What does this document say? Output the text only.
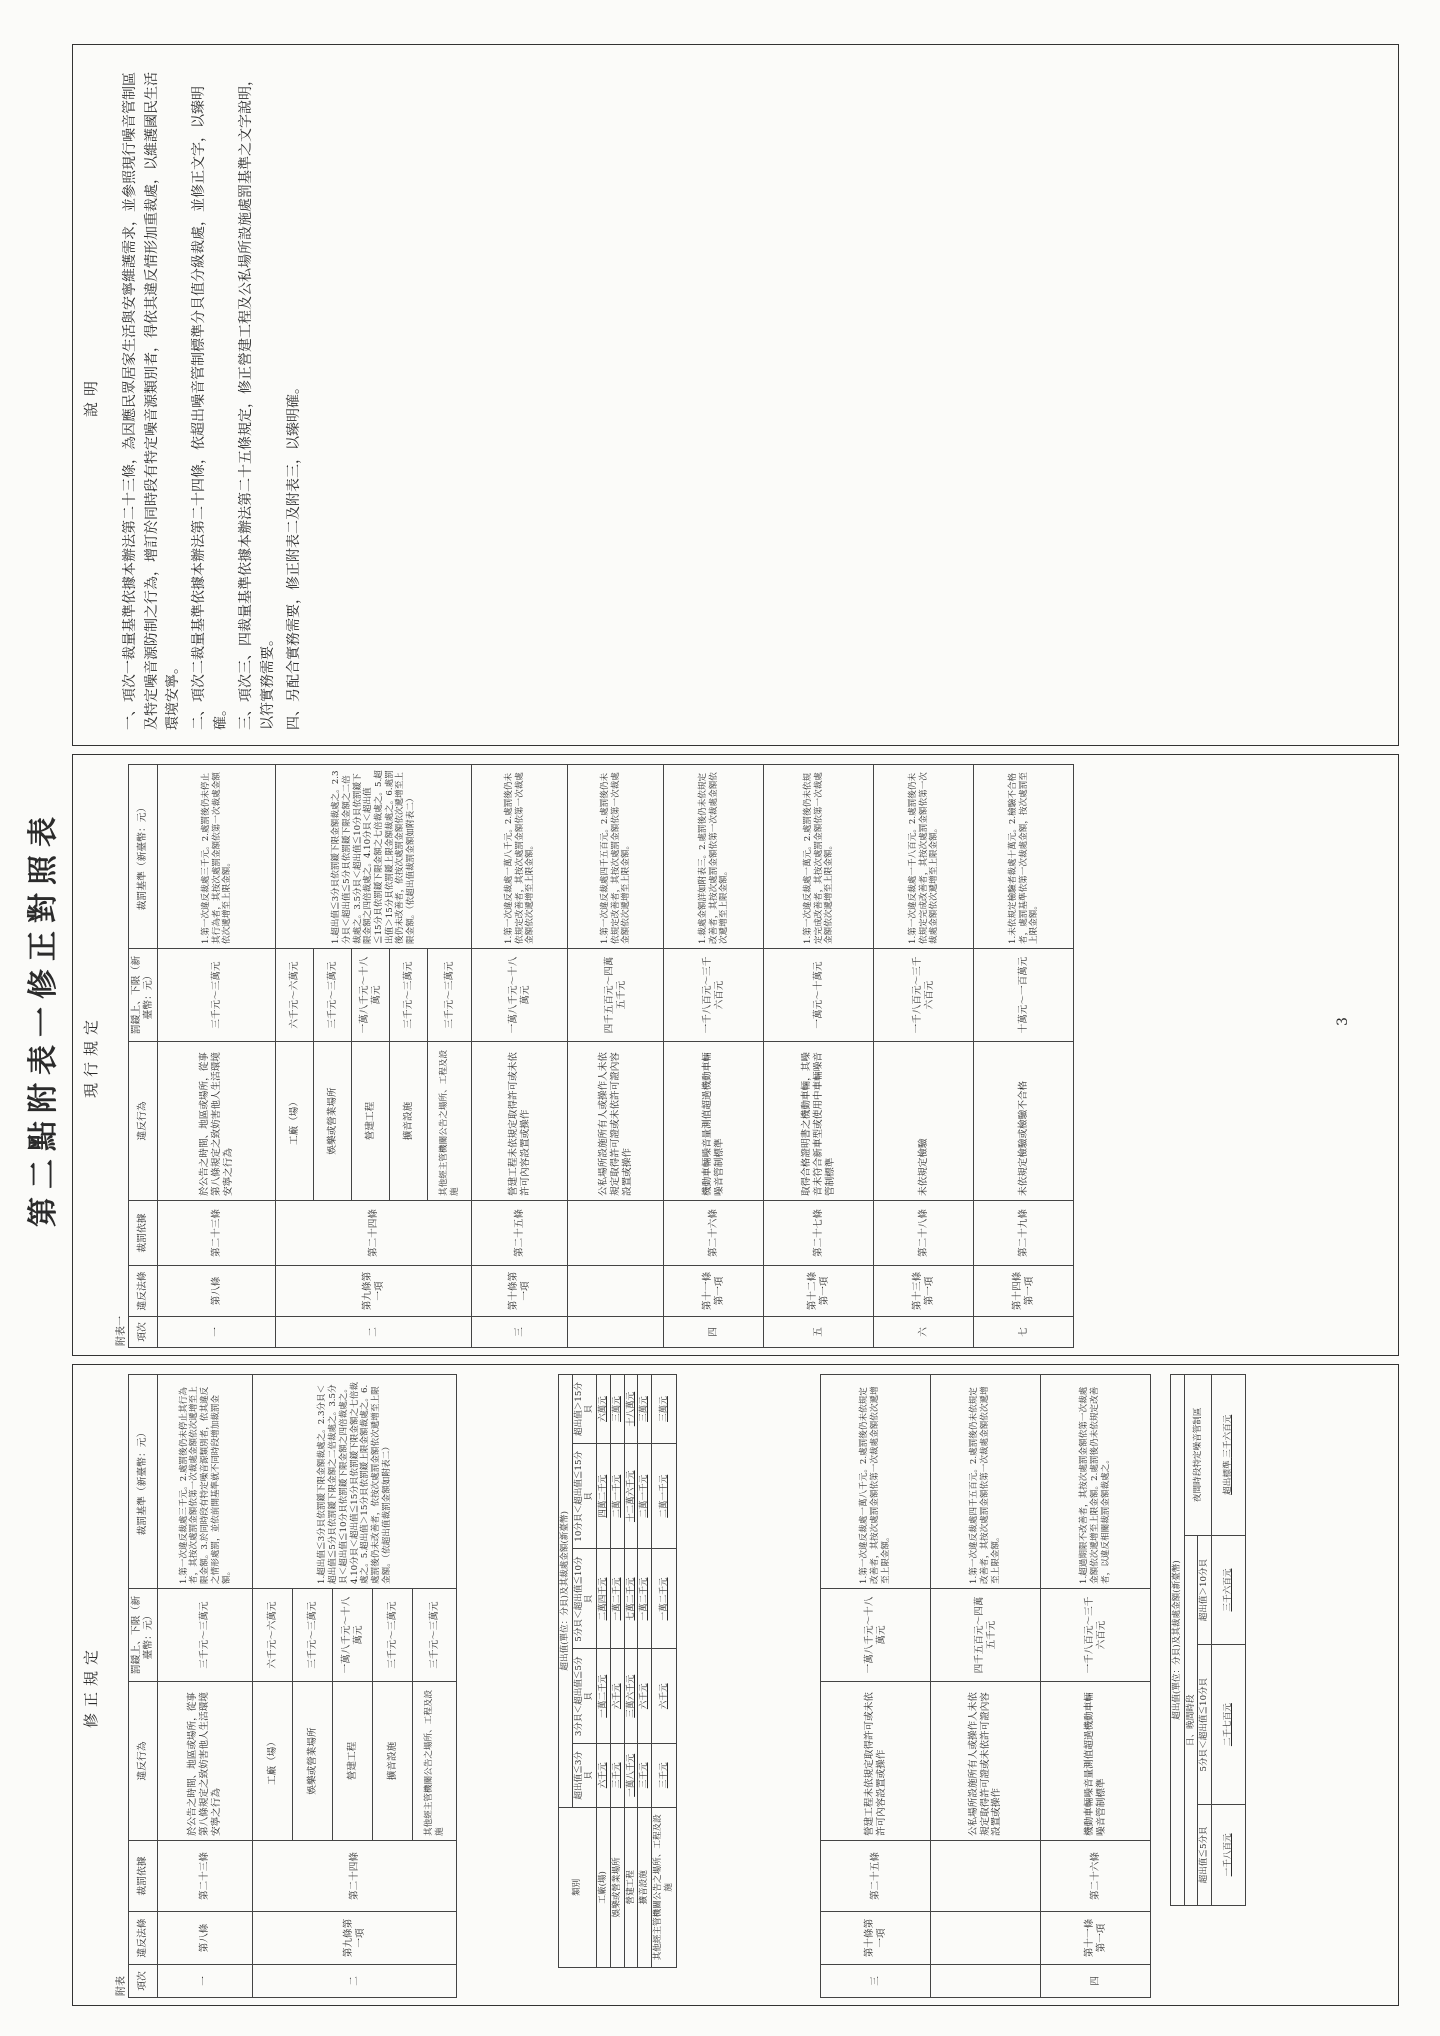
第二點附表一修正對照表
修正規定
附表 項次	違反法條	裁罰依據	違反行為	罰鍰上、下限（新臺幣：元）	裁罰基準（新臺幣：元）
一	第八條	第二十三條	於公告之時間、地區或場所，從事第八條規定之致妨害他人生活環境安寧之行為	三千元～三萬元	1.第一次違反裁處三千元。2.處罰後仍未停止其行為者，其按次處罰金額依第一次裁處金額依次遞增至上限金額。3.於同時段有特定噪音源類別者，依其違反之情形處罰，並依前開基準就不同時段增加裁罰金額。
二	第九條第一項	第二十四條	工廠（場）	六千元～六萬元	1.超出值≦3分貝依罰鍰下限金額裁處之。2.3分貝＜超出值≦5分貝依罰鍰下限金額之二倍裁處之。3.5分貝＜超出值≦10分貝依罰鍰下限金額之四倍裁處之。4.10分貝＜超出值≦15分貝依罰鍰下限金額之七倍裁處之。5.超出值＞15分貝依罰鍰上限金額裁處之。6.處罰後仍未改善者，依按次處罰金額依次遞增至上限金額。（依超出值裁罰金額如附表二）
			娛樂或營業場所	三千元～三萬元	
			營建工程	一萬八千元～十八萬元	
			擴音設施	三千元～三萬元	
			其他經主管機關公告之場所、工程及設施	三千元～三萬元	
類別	超出值(單位：分貝)及其裁處金額(新臺幣)				
	超出值≦3分貝	3分貝＜超出值≦5分貝	5分貝＜超出值≦10分貝	10分貝＜超出值≦15分貝	超出值＞15分貝
工廠(場)	六千元	一萬二千元	二萬四千元	四萬二千元	六萬元
娛樂或營業場所	三千元	六千元	一萬二千元	二萬一千元	三萬元
營建工程	一萬八千元	三萬六千元	七萬二千元	十二萬六千元	十八萬元
擴音設施	三千元	六千元	一萬二千元	二萬一千元	三萬元
其他經主管機關公告之場所、工程及設施	三千元	六千元	一萬二千元	二萬一千元	三萬元
三	第十條第一項	第二十五條	營建工程未依規定取得許可或未依許可內容設置或操作	一萬八千元～十八萬元	1.第一次違反裁處一萬八千元。2.處罰後仍未依規定改善者，其按次處罰金額依第一次裁處金額依次遞增至上限金額。
			公私場所設施所有人或操作人未依規定取得許可證或未依許可證內容設置或操作	四千五百元～四萬五千元	1.第一次違反裁處四千五百元。2.處罰後仍未依規定改善者，其按次處罰金額依第一次裁處金額依次遞增至上限金額。
四	第十一條第一項	第二十六條	機動車輛噪音量測值超過機動車輛噪音管制標準	一千八百元～三千六百元	1.超過期限不改善者，其按次處罰金額依第一次裁處金額依次遞增至上限金額。2.處罰後仍未依規定改善者，以違反相關裁罰金額裁處之。
超出值(單位：分貝)及其裁處金額(新臺幣)			
日、晚間時段			夜間時段特定噪音管制區
超出值≦5分貝	5分貝＜超出值≦10分貝	超出值＞10分貝	
一千八百元	二千七百元	三千六百元	超出標準 三千六百元
現行規定
附表一 項次	違反法條	裁罰依據	違反行為	罰鍰上、下限（新臺幣：元）	裁罰基準（新臺幣：元）
一	第八條	第二十三條	於公告之時間、地區或場所，從事第八條規定之致妨害他人生活環境安寧之行為	三千元～三萬元	1.第一次違反裁處三千元。2.處罰後仍未停止其行為者，其按次處罰金額依第一次裁處金額依次遞增至上限金額。
二	第九條第一項	第二十四條	工廠（場）	六千元～六萬元	1.超出值≦3分貝依罰鍰下限金額裁處之。2.3分貝＜超出值≦5分貝依罰鍰下限金額之二倍裁處之。3.5分貝＜超出值≦10分貝依罰鍰下限金額之四倍裁處之。4.10分貝＜超出值≦15分貝依罰鍰下限金額之七倍裁處之。5.超出值＞15分貝依罰鍰上限金額裁處之。6.處罰後仍未改善者，依按次處罰金額依次遞增至上限金額。（依超出值裁罰金額如附表二）
			娛樂或營業場所	三千元～三萬元	
			營建工程	一萬八千元～十八萬元	
			擴音設施	三千元～三萬元	
			其他經主管機關公告之場所、工程及設施	三千元～三萬元	
三	第十條第一項	第二十五條	營建工程未依規定取得許可或未依許可內容設置或操作	一萬八千元～十八萬元	1.第一次違反裁處一萬八千元。2.處罰後仍未依規定改善者，其按次處罰金額依第一次裁處金額依次遞增至上限金額。
			公私場所設施所有人或操作人未依規定取得許可證或未依許可證內容設置或操作	四千五百元～四萬五千元	1.第一次違反裁處四千五百元。2.處罰後仍未依規定改善者，其按次處罰金額依第一次裁處金額依次遞增至上限金額。
四	第十一條第一項	第二十六條	機動車輛噪音量測值超過機動車輛噪音管制標準	一千八百元～三千六百元	1.裁處金額詳如附表三。2.處罰後仍未依規定改善者，其按次處罰金額依第一次裁處金額依次遞增至上限金額。
五	第十二條第一項	第二十七條	取得合格證明書之機動車輛，其噪音未符合新車型或使用中車輛噪音管制標準	一萬元～十萬元	1.第一次違反裁處一萬元。2.處罰後仍未依規定完成改善者，其按次處罰金額依第一次裁處金額依次遞增至上限金額。
六	第十三條第一項	第二十八條	未依規定檢驗	一千八百元～三千六百元	1.第一次違反裁處一千八百元。2.處罰後仍未依規定完成改善者，其按次處罰金額依第一次裁處金額依次遞增至上限金額。
七	第十四條第一項	第二十九條	未依規定檢驗或檢驗不合格	十萬元～一百萬元	1.未依規定檢驗者裁處十萬元。2.檢驗不合格者，處罰基準依第一次裁處金額，按次處罰至上限金額。
說明 一、項次一裁量基準依據本辦法第二十三條，為因應民眾居家生活與安寧維護需求，並參照現行噪音管制區及特定噪音源防制之行為，增訂於同時段有特定噪音源類別者，得依其違反情形加重裁處，以維護國民生活環境安寧。 二、項次二裁量基準依據本辦法第二十四條，依超出噪音管制標準分貝值分級裁處，並修正文字，以臻明確。 三、項次三、四裁量基準依據本辦法第二十五條規定，修正營建工程及公私場所設施處罰基準之文字說明，以符實務需要。 四、另配合實務需要，修正附表二及附表三，以臻明確。

3
